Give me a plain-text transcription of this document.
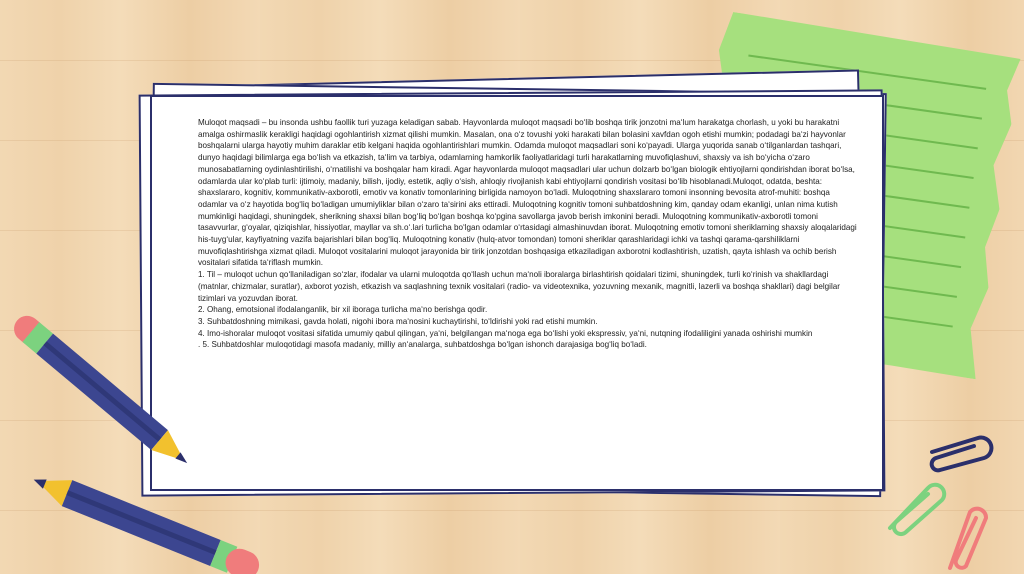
Muloqot maqsadi – bu insonda ushbu faollik turi yuzaga keladigan sabab. Hayvonlarda muloqot maqsadi bo‘lib boshqa tirik jonzotni ma‘lum harakatga chorlash, u yoki bu harakatni amalga oshirmaslik kerakligi haqidagi ogohlantirish xizmat qilishi mumkin. Masalan, ona o‘z tovushi yoki harakati bilan bolasini xavfdan ogoh etishi mumkin; podadagi ba‘zi hayvonlar boshqalarni ularga hayotiy muhim daraklar etib kelgani haqida ogohlantirishlari mumkin. Odamda muloqot maqsadlari soni ko‘payadi. Ularga yuqorida sanab o‘tilganlardan tashqari, dunyo haqidagi bilimlarga ega bo‘lish va etkazish, ta‘lim va tarbiya, odamlarning hamkorlik faoliyatlaridagi turli harakatlarning muvofiqlashuvi, shaxsiy va ish bo‘yicha o‘zaro munosabatlarning oydinlashtirilishi, o‘rnatilishi va boshqalar ham kiradi. Agar hayvonlarda muloqot maqsadlari ular uchun dolzarb bo‘lgan biologik ehtiyojlarni qondirishdan iborat bo‘lsa, odamlarda ular ko‘plab turli: ijtimoiy, madaniy, bilish, ijodiy, estetik, aqliy o‘sish, ahloqiy rivojlanish kabi ehtiyojlarni qondirish vositasi bo‘lib hisoblanadi.Muloqot, odatda, beshta: shaxslararo, kognitiv, kommunikativ-axborotli, emotiv va konativ tomonlarining birligida namoyon bo‘ladi. Muloqotning shaxslararo tomoni insonning bevosita atrof-muhiti: boshqa odamlar va o‘z hayotida bog‘liq bo‘ladigan umumiyliklar bilan o‘zaro ta‘sirini aks ettiradi. Muloqotning kognitiv tomoni suhbatdoshning kim, qanday odam ekanligi, unlan nima kutish mumkinligi haqidagi, shuningdek, sherikning shaxsi bilan bog‘liq bo‘lgan boshqa ko‘pgina savollarga javob berish imkonini beradi. Muloqotning kommunikativ-axborotli tomoni tasavvurlar, g‘oyalar, qiziqishlar, hissiyotlar, mayllar va sh.o‘.lari turlicha bo‘lgan odamlar o‘rtasidagi almashinuvdan iborat. Muloqotning emotiv tomoni sheriklarning shaxsiy aloqalaridagi his-tuyg‘ular, kayfiyatning vazifa bajarishlari bilan bog‘liq. Muloqotning konativ (hulq-atvor tomondan) tomoni sheriklar qarashlaridagi ichki va tashqi qarama-qarshiliklarni muvofiqlashtirishga xizmat qiladi. Muloqot vositalarini muloqot jarayonida bir tirik jonzotdan boshqasiga etkaziladigan axborotni kodlashtirish, uzatish, qayta ishlash va ochib berish vositalari sifatida ta‘riflash mumkin.

1. Til – muloqot uchun qo‘llaniladigan so‘zlar, ifodalar va ularni muloqotda qo‘llash uchun ma‘noli iboralarga birlashtirish qoidalari tizimi, shuningdek, turli ko‘rinish va shakllardagi (matnlar, chizmalar, suratlar), axborot yozish, etkazish va saqlashning texnik vositalari (radio- va videotexnika, yozuvning mexanik, magnitli, lazerli va boshqa shakllari) dagi belgilar tizimlari va yozuvdan iborat.

2. Ohang, emotsional ifodalanganlik, bir xil iboraga turlicha ma‘no berishga qodir.

3. Suhbatdoshning mimikasi, gavda holati, nigohi ibora ma‘nosini kuchaytirishi, to‘ldirishi yoki rad etishi mumkin.

4. Imo-ishoralar muloqot vositasi sifatida umumiy qabul qilingan, ya‘ni, belgilangan ma‘noga ega bo‘lishi yoki ekspressiv, ya‘ni, nutqning ifodaliligini yanada oshirishi mumkin

. 5. Suhbatdoshlar muloqotidagi masofa madaniy, milliy an‘analarga, suhbatdoshga bo‘lgan ishonch darajasiga bog‘liq bo‘ladi.
